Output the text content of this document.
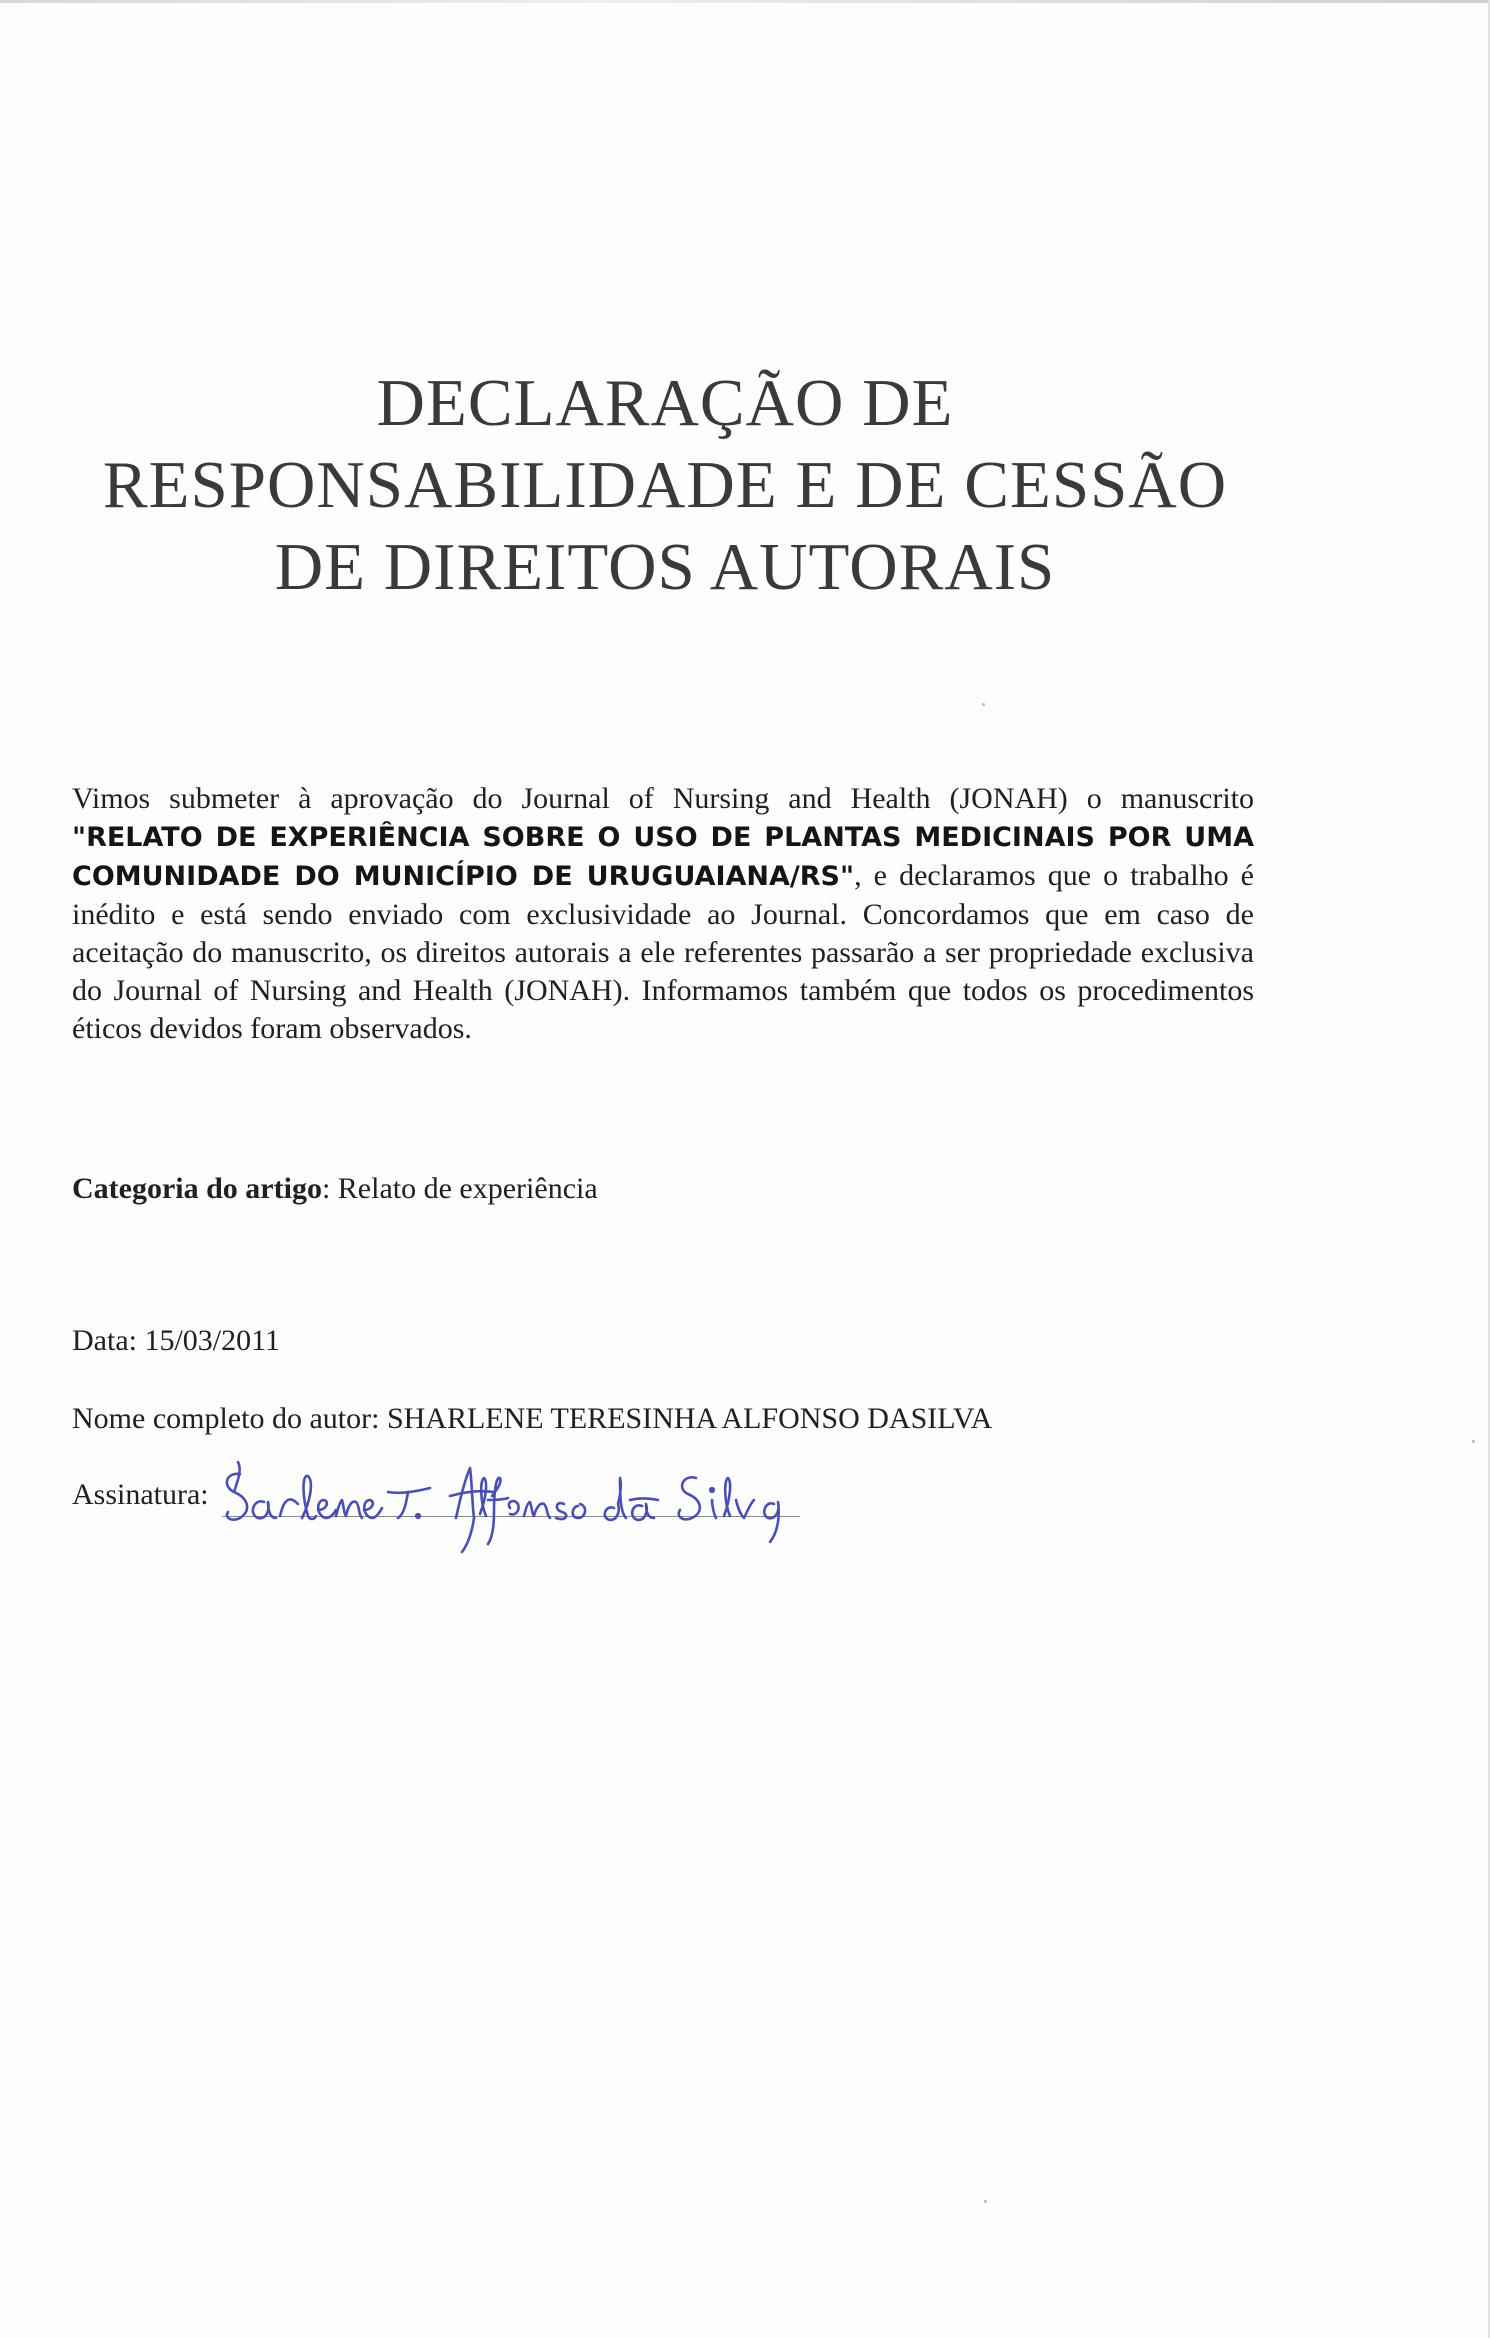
DECLARAÇÃO DE
RESPONSABILIDADE E DE CESSÃO
DE DIREITOS AUTORAIS

Vimos submeter à aprovação do Journal of Nursing and Health (JONAH) o manuscrito "RELATO DE EXPERIÊNCIA SOBRE O USO DE PLANTAS MEDICINAIS POR UMA COMUNIDADE DO MUNICÍPIO DE URUGUAIANA/RS", e declaramos que o trabalho é inédito e está sendo enviado com exclusividade ao Journal. Concordamos que em caso de aceitação do manuscrito, os direitos autorais a ele referentes passarão a ser propriedade exclusiva do Journal of Nursing and Health (JONAH). Informamos também que todos os procedimentos éticos devidos foram observados.

Categoria do artigo: Relato de experiência
Data: 15/03/2011
Nome completo do autor: SHARLENE TERESINHA ALFONSO DASILVA
Assinatura:
